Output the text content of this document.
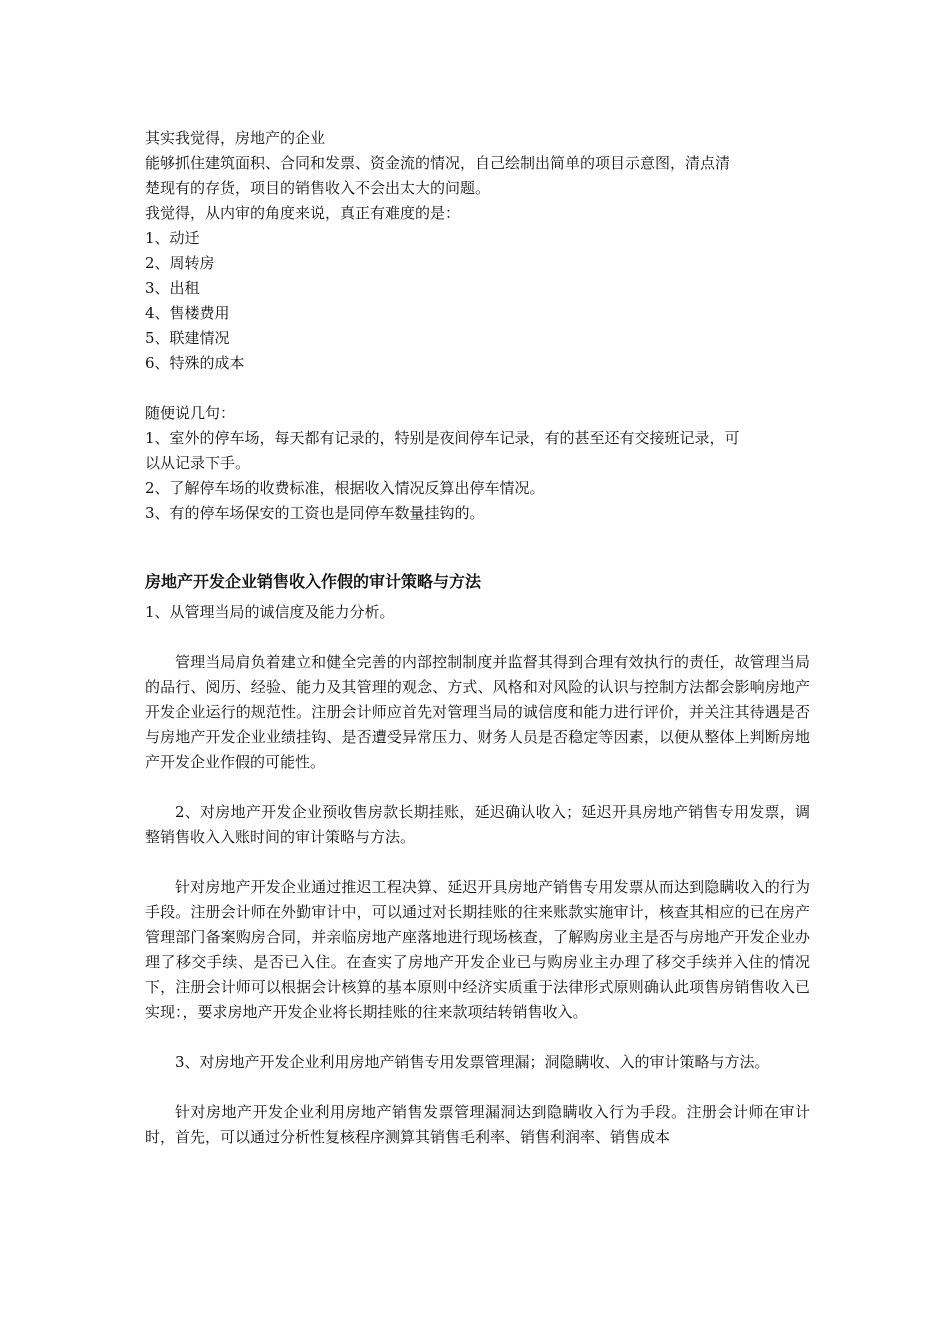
其实我觉得，房地产的企业
能够抓住建筑面积、合同和发票、资金流的情况，自己绘制出简单的项目示意图，清点清
楚现有的存货，项目的销售收入不会出太大的问题。
我觉得，从内审的角度来说，真正有难度的是：
1、动迁
2、周转房
3、出租
4、售楼费用
5、联建情况
6、特殊的成本
随便说几句：
1、室外的停车场，每天都有记录的，特别是夜间停车记录，有的甚至还有交接班记录，可
以从记录下手。
2、了解停车场的收费标准，根据收入情况反算出停车情况。
3、有的停车场保安的工资也是同停车数量挂钩的。
房地产开发企业销售收入作假的审计策略与方法
1、从管理当局的诚信度及能力分析。
管理当局肩负着建立和健全完善的内部控制制度并监督其得到合理有效执行的责任，故管理当局的品行、阅历、经验、能力及其管理的观念、方式、风格和对风险的认识与控制方法都会影响房地产开发企业运行的规范性。注册会计师应首先对管理当局的诚信度和能力进行评价，并关注其待遇是否与房地产开发企业业绩挂钩、是否遭受异常压力、财务人员是否稳定等因素，以便从整体上判断房地产开发企业作假的可能性。
2、对房地产开发企业预收售房款长期挂账，延迟确认收入；延迟开具房地产销售专用发票，调整销售收入入账时间的审计策略与方法。
针对房地产开发企业通过推迟工程决算、延迟开具房地产销售专用发票从而达到隐瞒收入的行为手段。注册会计师在外勤审计中，可以通过对长期挂账的往来账款实施审计，核查其相应的已在房产管理部门备案购房合同，并亲临房地产座落地进行现场核查，了解购房业主是否与房地产开发企业办理了移交手续、是否已入住。在查实了房地产开发企业已与购房业主办理了移交手续并入住的情况下，注册会计师可以根据会计核算的基本原则中经济实质重于法律形式原则确认此项售房销售收入已实现：，要求房地产开发企业将长期挂账的往来款项结转销售收入。
3、对房地产开发企业利用房地产销售专用发票管理漏；洞隐瞒收、入的审计策略与方法。
针对房地产开发企业利用房地产销售发票管理漏洞达到隐瞒收入行为手段。注册会计师在审计时，首先，可以通过分析性复核程序测算其销售毛利率、销售利润率、销售成本
